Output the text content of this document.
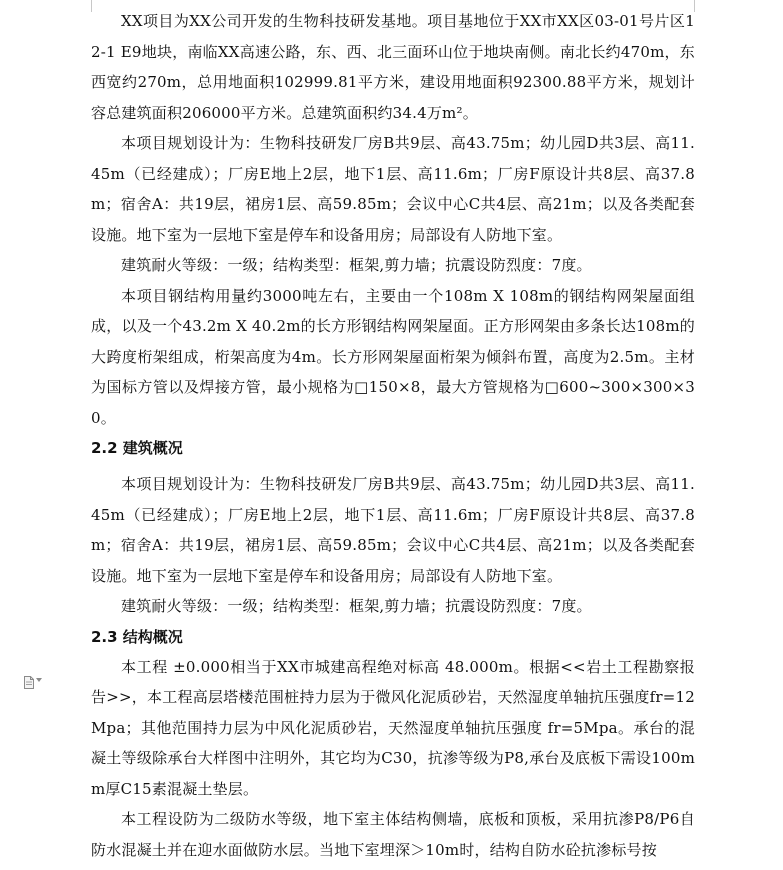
XX项目为XX公司开发的生物科技研发基地。项目基地位于XX市XX区03-01号片区12-1 E9地块，南临XX高速公路，东、西、北三面环山位于地块南侧。南北长约470m，东西宽约270m，总用地面积102999.81平方米，建设用地面积92300.88平方米，规划计容总建筑面积206000平方米。总建筑面积约34.4万m²。

本项目规划设计为：生物科技研发厂房B共9层、高43.75m；幼儿园D共3层、高11.45m（已经建成）；厂房E地上2层，地下1层、高11.6m；厂房F原设计共8层、高37.8m；宿舍A：共19层，裙房1层、高59.85m；会议中心C共4层、高21m；以及各类配套设施。地下室为一层地下室是停车和设备用房；局部设有人防地下室。

建筑耐火等级：一级；结构类型：框架,剪力墙；抗震设防烈度：7度。

本项目钢结构用量约3000吨左右，主要由一个108m X 108m的钢结构网架屋面组成，以及一个43.2m X 40.2m的长方形钢结构网架屋面。正方形网架由多条长达108m的大跨度桁架组成，桁架高度为4m。长方形网架屋面桁架为倾斜布置，高度为2.5m。主材为国标方管以及焊接方管，最小规格为□150×8，最大方管规格为□600~300×300×30。

2.2 建筑概况

本项目规划设计为：生物科技研发厂房B共9层、高43.75m；幼儿园D共3层、高11.45m（已经建成）；厂房E地上2层，地下1层、高11.6m；厂房F原设计共8层、高37.8m；宿舍A：共19层，裙房1层、高59.85m；会议中心C共4层、高21m；以及各类配套设施。地下室为一层地下室是停车和设备用房；局部设有人防地下室。

建筑耐火等级：一级；结构类型：框架,剪力墙；抗震设防烈度：7度。

2.3 结构概况

本工程 ±0.000相当于XX市城建高程绝对标高 48.000m。根据<<岩土工程勘察报告>>，本工程高层塔楼范围桩持力层为于微风化泥质砂岩，天然湿度单轴抗压强度fr=12Mpa；其他范围持力层为中风化泥质砂岩，天然湿度单轴抗压强度 fr=5Mpa。承台的混凝土等级除承台大样图中注明外，其它均为C30，抗渗等级为P8,承台及底板下需设100mm厚C15素混凝土垫层。

本工程设防为二级防水等级，地下室主体结构侧墙，底板和顶板，采用抗渗P8/P6自防水混凝土并在迎水面做防水层。当地下室埋深＞10m时，结构自防水砼抗渗标号按
